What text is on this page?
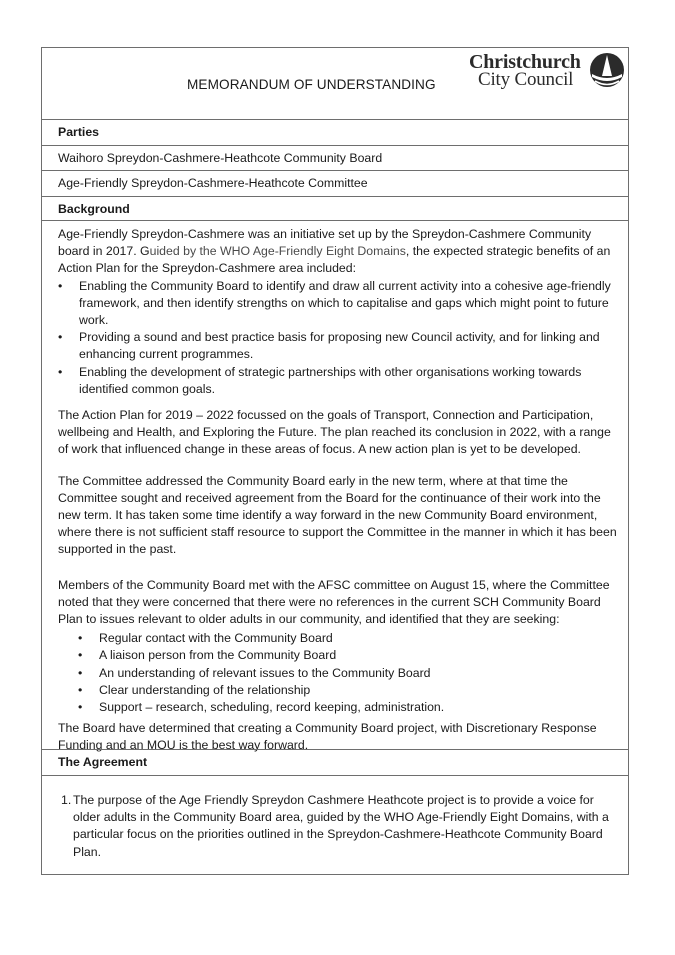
MEMORANDUM OF UNDERSTANDING
Christchurch
City Council
Parties
Waihoro Spreydon-Cashmere-Heathcote Community Board
Age-Friendly Spreydon-Cashmere-Heathcote Committee
Background

Age-Friendly Spreydon-Cashmere was an initiative set up by the Spreydon-Cashmere Community board in 2017. Guided by the WHO Age-Friendly Eight Domains, the expected strategic benefits of an Action Plan for the Spreydon-Cashmere area included:

• Enabling the Community Board to identify and draw all current activity into a cohesive age-friendly framework, and then identify strengths on which to capitalise and gaps which might point to future work.
• Providing a sound and best practice basis for proposing new Council activity, and for linking and enhancing current programmes.
• Enabling the development of strategic partnerships with other organisations working towards identified common goals.

The Action Plan for 2019 – 2022 focussed on the goals of Transport, Connection and Participation, wellbeing and Health, and Exploring the Future. The plan reached its conclusion in 2022, with a range of work that influenced change in these areas of focus. A new action plan is yet to be developed.

The Committee addressed the Community Board early in the new term, where at that time the Committee sought and received agreement from the Board for the continuance of their work into the new term. It has taken some time identify a way forward in the new Community Board environment, where there is not sufficient staff resource to support the Committee in the manner in which it has been supported in the past.

Members of the Community Board met with the AFSC committee on August 15, where the Committee noted that they were concerned that there were no references in the current SCH Community Board Plan to issues relevant to older adults in our community, and identified that they are seeking:

• Regular contact with the Community Board
• A liaison person from the Community Board
• An understanding of relevant issues to the Community Board
• Clear understanding of the relationship
• Support – research, scheduling, record keeping, administration.

The Board have determined that creating a Community Board project, with Discretionary Response Funding and an MOU is the best way forward.

The Agreement
1. The purpose of the Age Friendly Spreydon Cashmere Heathcote project is to provide a voice for older adults in the Community Board area, guided by the WHO Age-Friendly Eight Domains, with a particular focus on the priorities outlined in the Spreydon-Cashmere-Heathcote Community Board Plan.
